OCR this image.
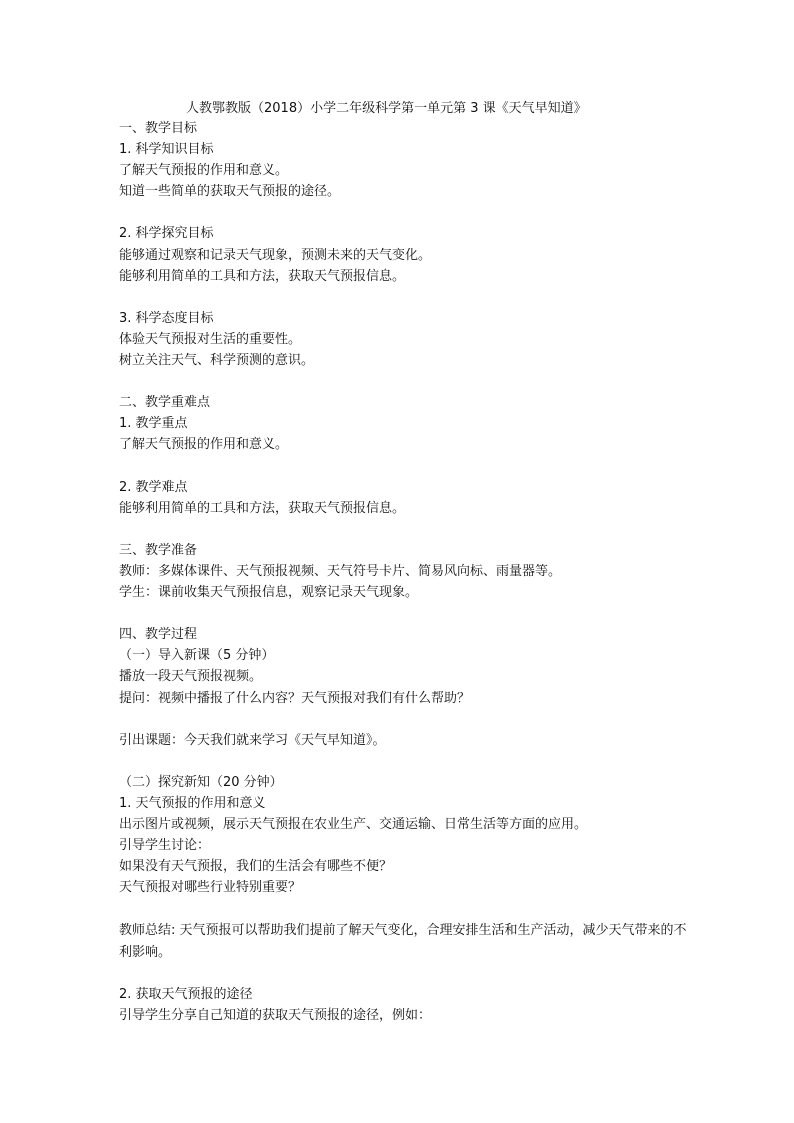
人教鄂教版（2018）小学二年级科学第一单元第 3 课《天气早知道》
一、教学目标
1. 科学知识目标
了解天气预报的作用和意义。
知道一些简单的获取天气预报的途径。
2. 科学探究目标
能够通过观察和记录天气现象，预测未来的天气变化。
能够利用简单的工具和方法，获取天气预报信息。
3. 科学态度目标
体验天气预报对生活的重要性。
树立关注天气、科学预测的意识。
二、教学重难点
1. 教学重点
了解天气预报的作用和意义。
2. 教学难点
能够利用简单的工具和方法，获取天气预报信息。
三、教学准备
教师：多媒体课件、天气预报视频、天气符号卡片、简易风向标、雨量器等。
学生：课前收集天气预报信息，观察记录天气现象。
四、教学过程
（一）导入新课（5 分钟）
播放一段天气预报视频。
提问：视频中播报了什么内容？天气预报对我们有什么帮助？
引出课题：今天我们就来学习《天气早知道》。
（二）探究新知（20 分钟）
1. 天气预报的作用和意义
出示图片或视频，展示天气预报在农业生产、交通运输、日常生活等方面的应用。
引导学生讨论：
如果没有天气预报，我们的生活会有哪些不便？
天气预报对哪些行业特别重要？
教师总结: 天气预报可以帮助我们提前了解天气变化，合理安排生活和生产活动，减少天气带来的不利影响。
2. 获取天气预报的途径
引导学生分享自己知道的获取天气预报的途径，例如：
